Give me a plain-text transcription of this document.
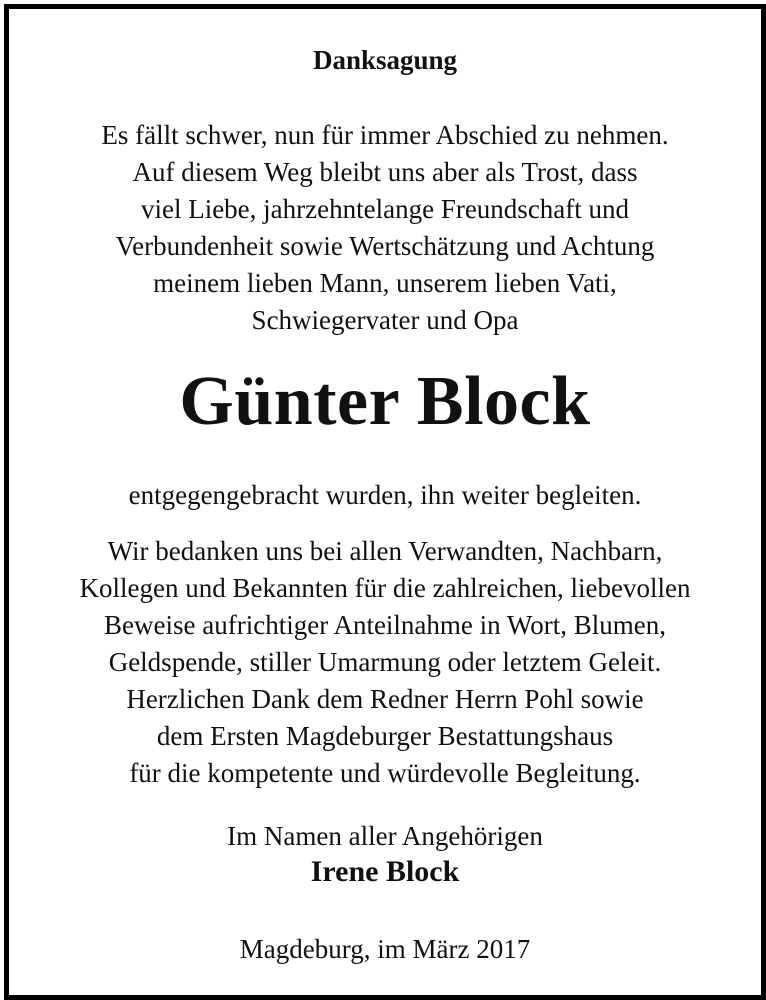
Danksagung
Es fällt schwer, nun für immer Abschied zu nehmen.
Auf diesem Weg bleibt uns aber als Trost, dass
viel Liebe, jahrzehntelange Freundschaft und
Verbundenheit sowie Wertschätzung und Achtung
meinem lieben Mann, unserem lieben Vati,
Schwiegervater und Opa
Günter Block
entgegengebracht wurden, ihn weiter begleiten.
Wir bedanken uns bei allen Verwandten, Nachbarn,
Kollegen und Bekannten für die zahlreichen, liebevollen
Beweise aufrichtiger Anteilnahme in Wort, Blumen,
Geldspende, stiller Umarmung oder letztem Geleit.
Herzlichen Dank dem Redner Herrn Pohl sowie
dem Ersten Magdeburger Bestattungshaus
für die kompetente und würdevolle Begleitung.
Im Namen aller Angehörigen
Irene Block
Magdeburg, im März 2017
